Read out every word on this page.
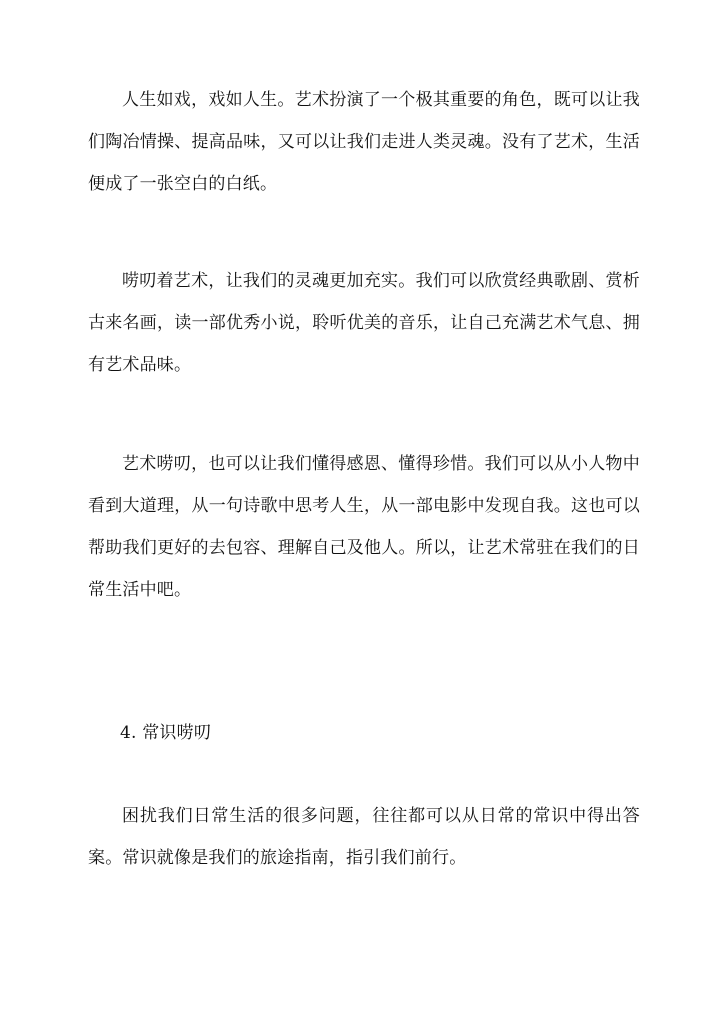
人生如戏，戏如人生。艺术扮演了一个极其重要的角色，既可以让我们陶冶情操、提高品味，又可以让我们走进人类灵魂。没有了艺术，生活便成了一张空白的白纸。

唠叨着艺术，让我们的灵魂更加充实。我们可以欣赏经典歌剧、赏析古来名画，读一部优秀小说，聆听优美的音乐，让自己充满艺术气息、拥有艺术品味。

艺术唠叨，也可以让我们懂得感恩、懂得珍惜。我们可以从小人物中看到大道理，从一句诗歌中思考人生，从一部电影中发现自我。这也可以帮助我们更好的去包容、理解自己及他人。所以，让艺术常驻在我们的日常生活中吧。

4. 常识唠叨

困扰我们日常生活的很多问题，往往都可以从日常的常识中得出答案。常识就像是我们的旅途指南，指引我们前行。
